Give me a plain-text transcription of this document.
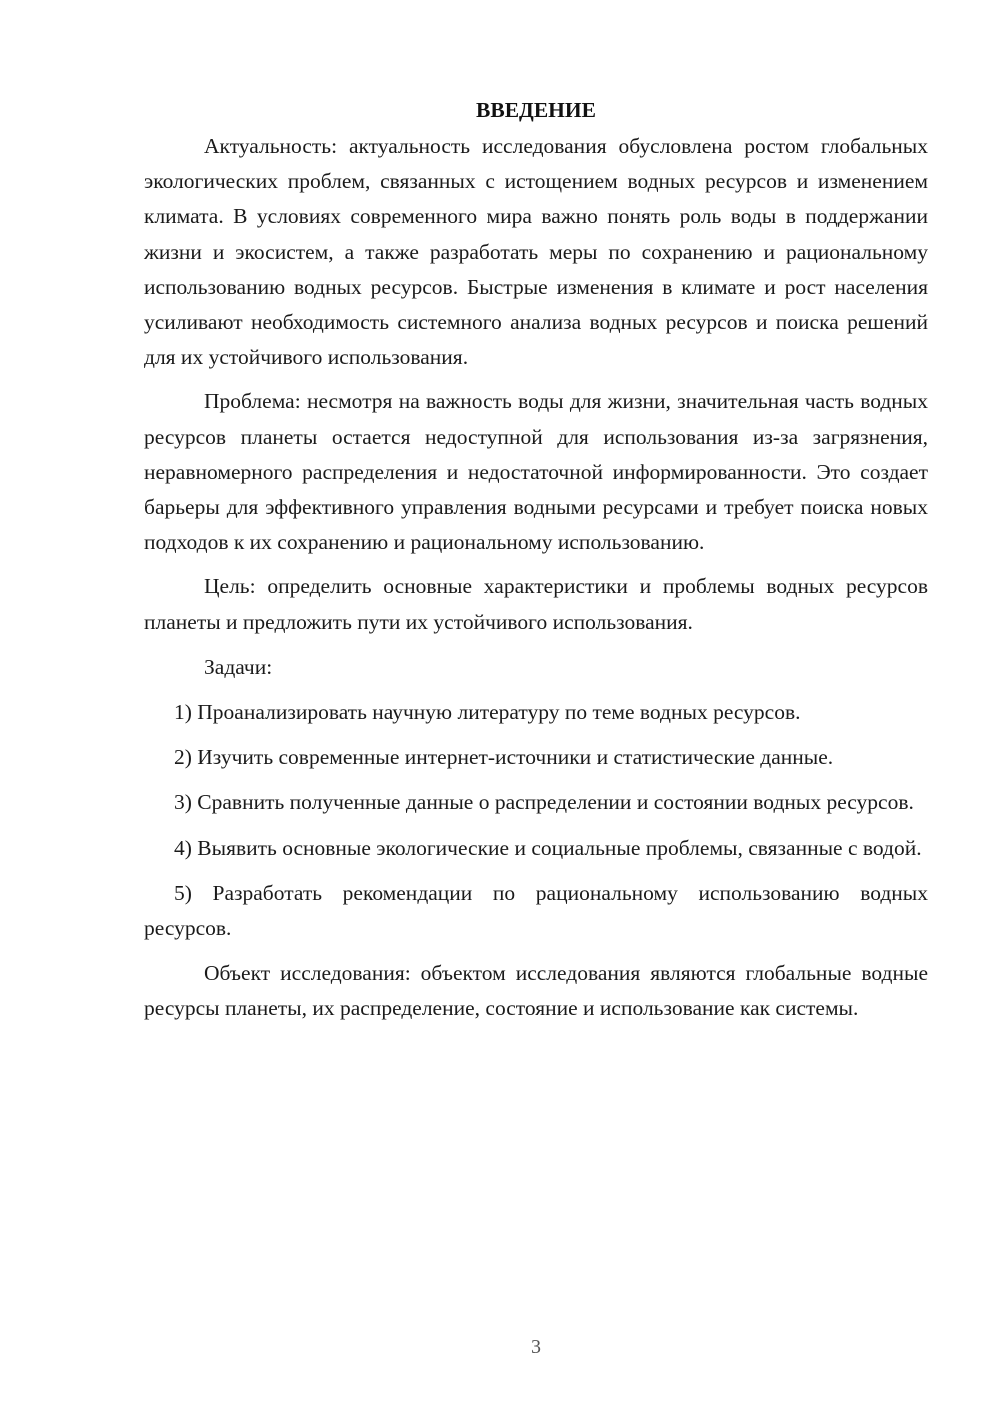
ВВЕДЕНИЕ

Актуальность: актуальность исследования обусловлена ростом глобальных экологических проблем, связанных с истощением водных ресурсов и изменением климата. В условиях современного мира важно понять роль воды в поддержании жизни и экосистем, а также разработать меры по сохранению и рациональному использованию водных ресурсов. Быстрые изменения в климате и рост населения усиливают необходимость системного анализа водных ресурсов и поиска решений для их устойчивого использования.

Проблема: несмотря на важность воды для жизни, значительная часть водных ресурсов планеты остается недоступной для использования из-за загрязнения, неравномерного распределения и недостаточной информированности. Это создает барьеры для эффективного управления водными ресурсами и требует поиска новых подходов к их сохранению и рациональному использованию.

Цель: определить основные характеристики и проблемы водных ресурсов планеты и предложить пути их устойчивого использования.

Задачи:

1) Проанализировать научную литературу по теме водных ресурсов.

2) Изучить современные интернет-источники и статистические данные.

3) Сравнить полученные данные о распределении и состоянии водных ресурсов.

4) Выявить основные экологические и социальные проблемы, связанные с водой.

5) Разработать рекомендации по рациональному использованию водных ресурсов.

Объект исследования: объектом исследования являются глобальные водные ресурсы планеты, их распределение, состояние и использование как системы.

3
